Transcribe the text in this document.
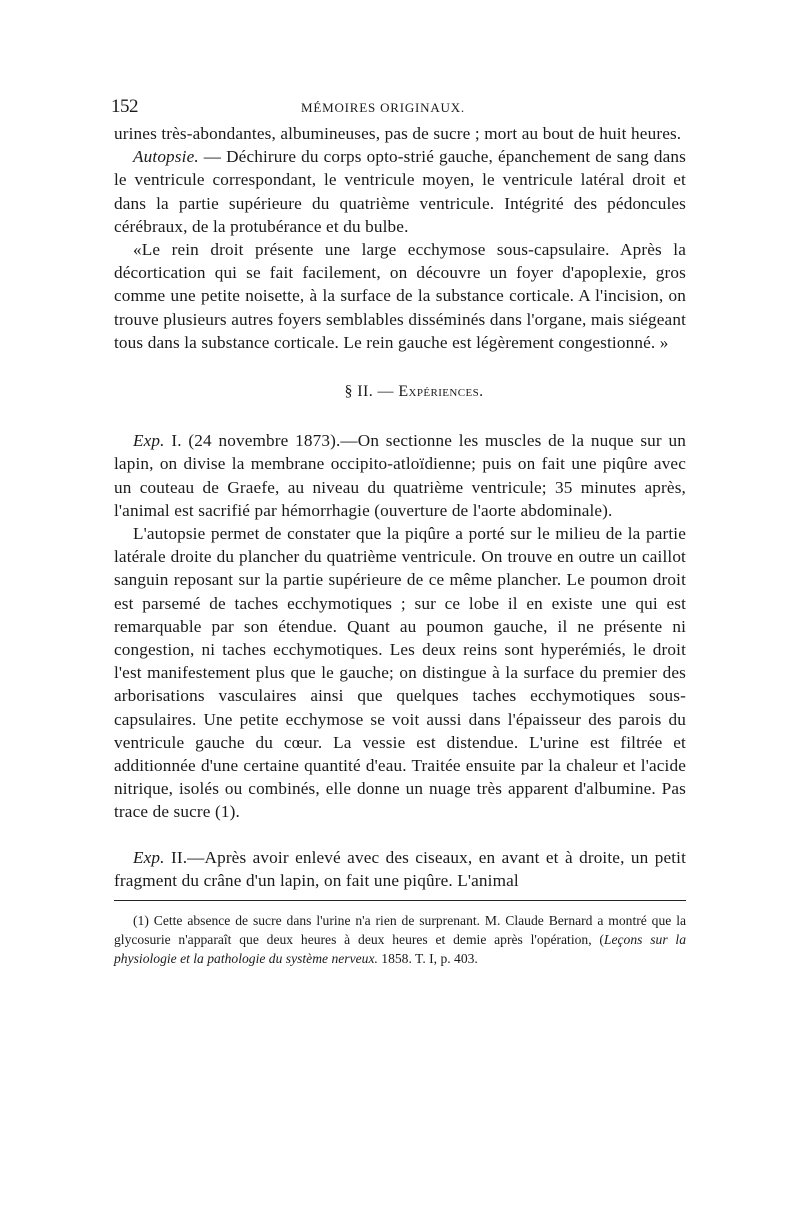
152	MÉMOIRES ORIGINAUX.

urines très-abondantes, albumineuses, pas de sucre ; mort au bout de huit heures.

Autopsie. — Déchirure du corps opto-strié gauche, épanchement de sang dans le ventricule correspondant, le ventricule moyen, le ventricule latéral droit et dans la partie supérieure du quatrième ventricule. Intégrité des pédoncules cérébraux, de la protubérance et du bulbe.

«Le rein droit présente une large ecchymose sous-capsulaire. Après la décortication qui se fait facilement, on découvre un foyer d'apoplexie, gros comme une petite noisette, à la surface de la substance corticale. A l'incision, on trouve plusieurs autres foyers semblables disséminés dans l'organe, mais siégeant tous dans la substance corticale. Le rein gauche est légèrement congestionné. »

§ II. — Expériences.

Exp. I. (24 novembre 1873).—On sectionne les muscles de la nuque sur un lapin, on divise la membrane occipito-atloïdienne; puis on fait une piqûre avec un couteau de Graefe, au niveau du quatrième ventricule; 35 minutes après, l'animal est sacrifié par hémorrhagie (ouverture de l'aorte abdominale).

L'autopsie permet de constater que la piqûre a porté sur le milieu de la partie latérale droite du plancher du quatrième ventricule. On trouve en outre un caillot sanguin reposant sur la partie supérieure de ce même plancher. Le poumon droit est parsemé de taches ecchymotiques ; sur ce lobe il en existe une qui est remarquable par son étendue. Quant au poumon gauche, il ne présente ni congestion, ni taches ecchymotiques. Les deux reins sont hyperémiés, le droit l'est manifestement plus que le gauche; on distingue à la surface du premier des arborisations vasculaires ainsi que quelques taches ecchymotiques sous-capsulaires. Une petite ecchymose se voit aussi dans l'épaisseur des parois du ventricule gauche du cœur. La vessie est distendue. L'urine est filtrée et additionnée d'une certaine quantité d'eau. Traitée ensuite par la chaleur et l'acide nitrique, isolés ou combinés, elle donne un nuage très apparent d'albumine. Pas trace de sucre (1).

Exp. II.—Après avoir enlevé avec des ciseaux, en avant et à droite, un petit fragment du crâne d'un lapin, on fait une piqûre. L'animal

(1) Cette absence de sucre dans l'urine n'a rien de surprenant. M. Claude Bernard a montré que la glycosurie n'apparaît que deux heures à deux heures et demie après l'opération, (Leçons sur la physiologie et la pathologie du système nerveux. 1858. T. I, p. 403.
